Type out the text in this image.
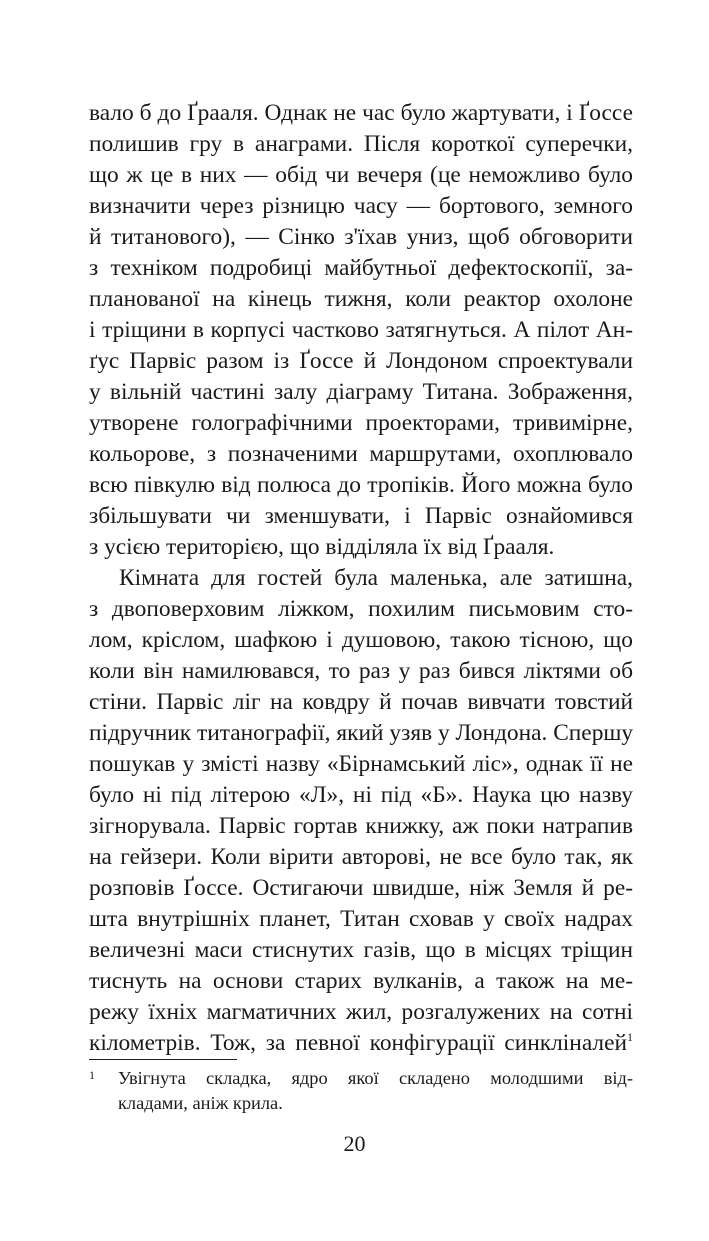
вало б до Ґрааля. Однак не час було жартувати, і Ґоссе
полишив гру в анаграми. Після короткої суперечки,
що ж це в них — обід чи вечеря (це неможливо було
визначити через різницю часу — бортового, земного
й титанового), — Сінко з'їхав униз, щоб обговорити
з техніком подробиці майбутньої дефектоскопії, за-
планованої на кінець тижня, коли реактор охолоне
і тріщини в корпусі частково затягнуться. А пілот Ан-
ґус Парвіс разом із Ґоссе й Лондоном спроектували
у вільній частині залу діаграму Титана. Зображення,
утворене голографічними проекторами, тривимірне,
кольорове, з позначеними маршрутами, охоплювало
всю півкулю від полюса до тропіків. Його можна було
збільшувати чи зменшувати, і Парвіс ознайомився
з усією територією, що відділяла їх від Ґрааля.
Кімната для гостей була маленька, але затишна,
з двоповерховим ліжком, похилим письмовим сто-
лом, кріслом, шафкою і душовою, такою тісною, що
коли він намилювався, то раз у раз бився ліктями об
стіни. Парвіс ліг на ковдру й почав вивчати товстий
підручник титанографії, який узяв у Лондона. Спершу
пошукав у змісті назву «Бірнамський ліс», однак її не
було ні під літерою «Л», ні під «Б». Наука цю назву
зігнорувала. Парвіс гортав книжку, аж поки натрапив
на гейзери. Коли вірити авторові, не все було так, як
розповів Ґоссе. Остигаючи швидше, ніж Земля й ре-
шта внутрішніх планет, Титан сховав у своїх надрах
величезні маси стиснутих газів, що в місцях тріщин
тиснуть на основи старих вулканів, а також на ме-
режу їхніх магматичних жил, розгалужених на сотні
кілометрів. Тож, за певної конфігурації синкліналей$^1$
1 Увігнута складка, ядро якої складено молодшими від-
кладами, аніж крила.
20
